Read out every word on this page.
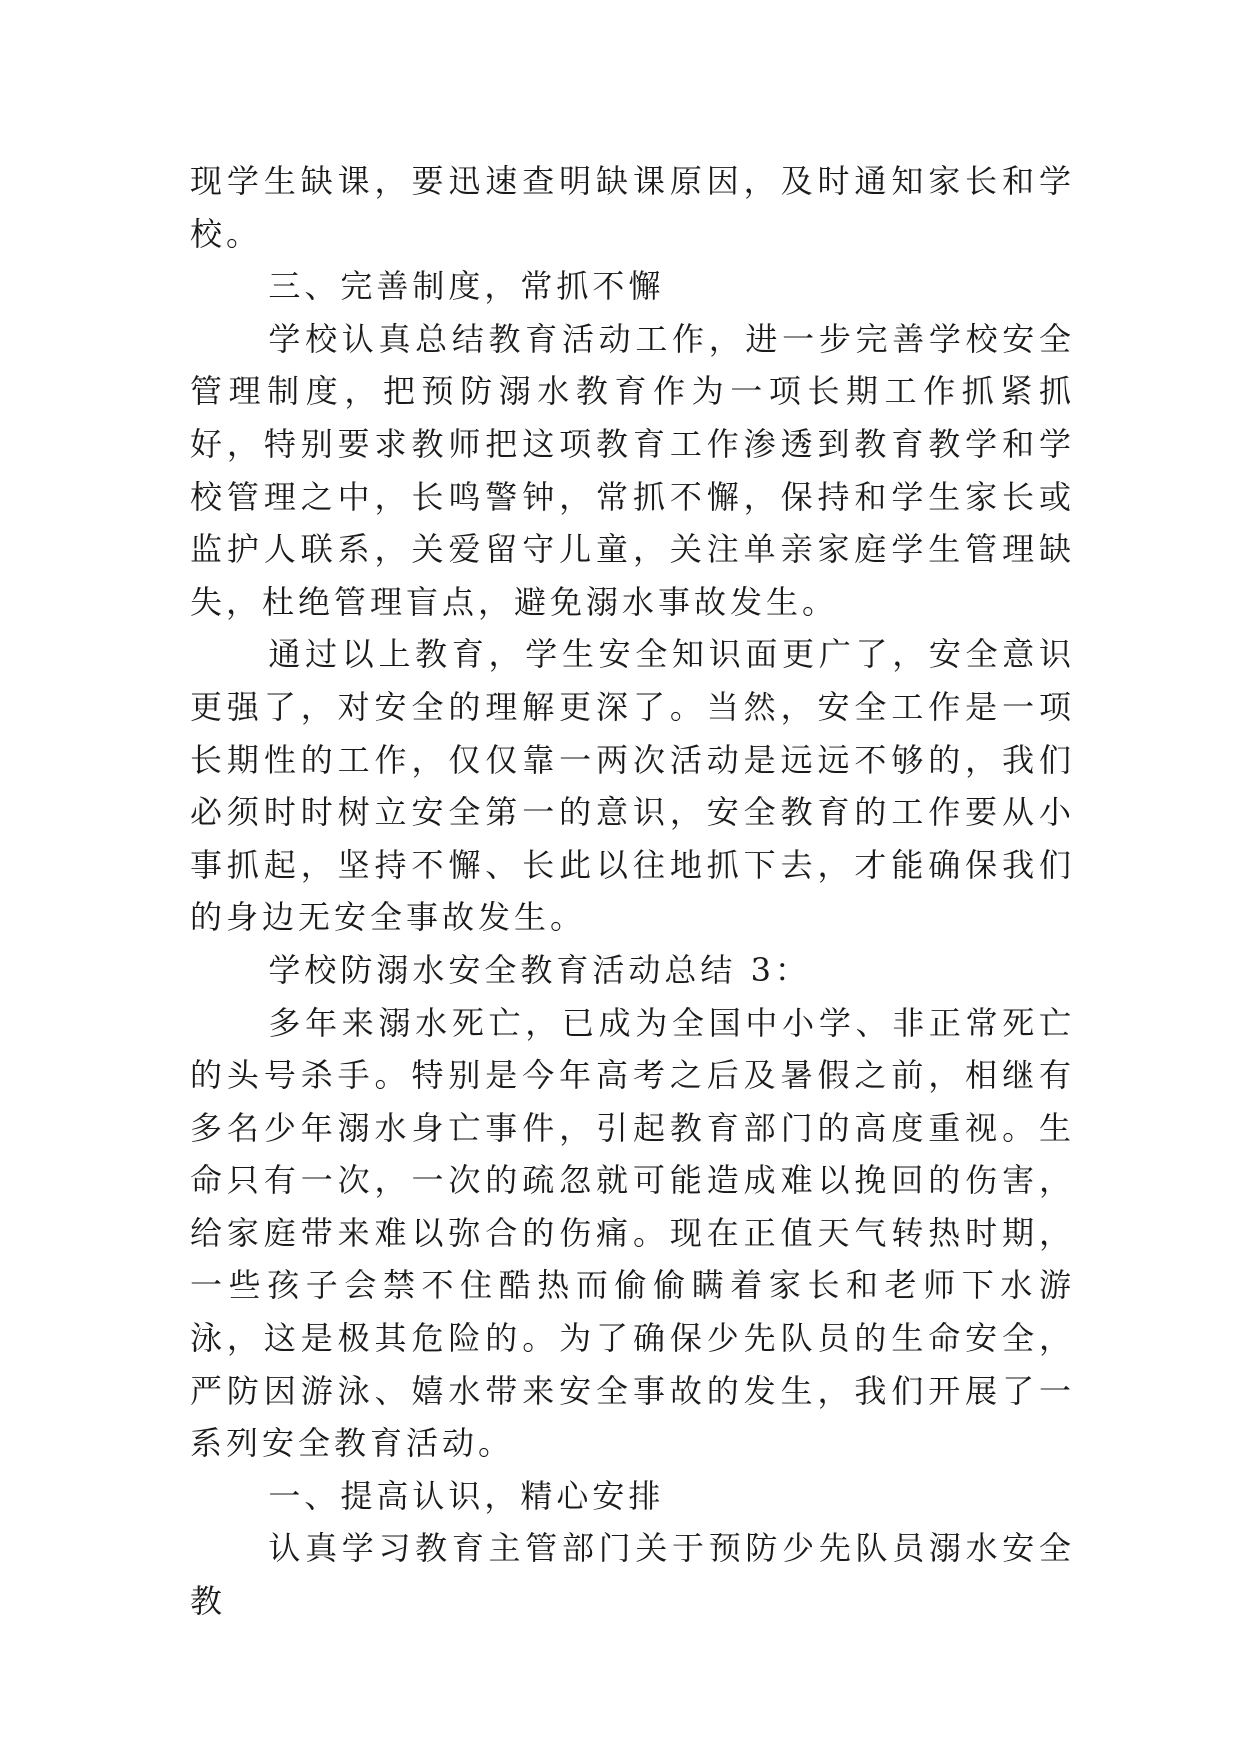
现学生缺课，要迅速查明缺课原因，及时通知家长和学校。

三、完善制度，常抓不懈

学校认真总结教育活动工作，进一步完善学校安全管理制度，把预防溺水教育作为一项长期工作抓紧抓好，特别要求教师把这项教育工作渗透到教育教学和学校管理之中，长鸣警钟，常抓不懈，保持和学生家长或监护人联系，关爱留守儿童，关注单亲家庭学生管理缺失，杜绝管理盲点，避免溺水事故发生。

通过以上教育，学生安全知识面更广了，安全意识更强了，对安全的理解更深了。当然，安全工作是一项长期性的工作，仅仅靠一两次活动是远远不够的，我们必须时时树立安全第一的意识，安全教育的工作要从小事抓起，坚持不懈、长此以往地抓下去，才能确保我们的身边无安全事故发生。

学校防溺水安全教育活动总结 3：

多年来溺水死亡，已成为全国中小学、非正常死亡的头号杀手。特别是今年高考之后及暑假之前，相继有多名少年溺水身亡事件，引起教育部门的高度重视。生命只有一次，一次的疏忽就可能造成难以挽回的伤害，给家庭带来难以弥合的伤痛。现在正值天气转热时期，一些孩子会禁不住酷热而偷偷瞒着家长和老师下水游泳，这是极其危险的。为了确保少先队员的生命安全，严防因游泳、嬉水带来安全事故的发生，我们开展了一系列安全教育活动。

一、提高认识，精心安排

认真学习教育主管部门关于预防少先队员溺水安全教
